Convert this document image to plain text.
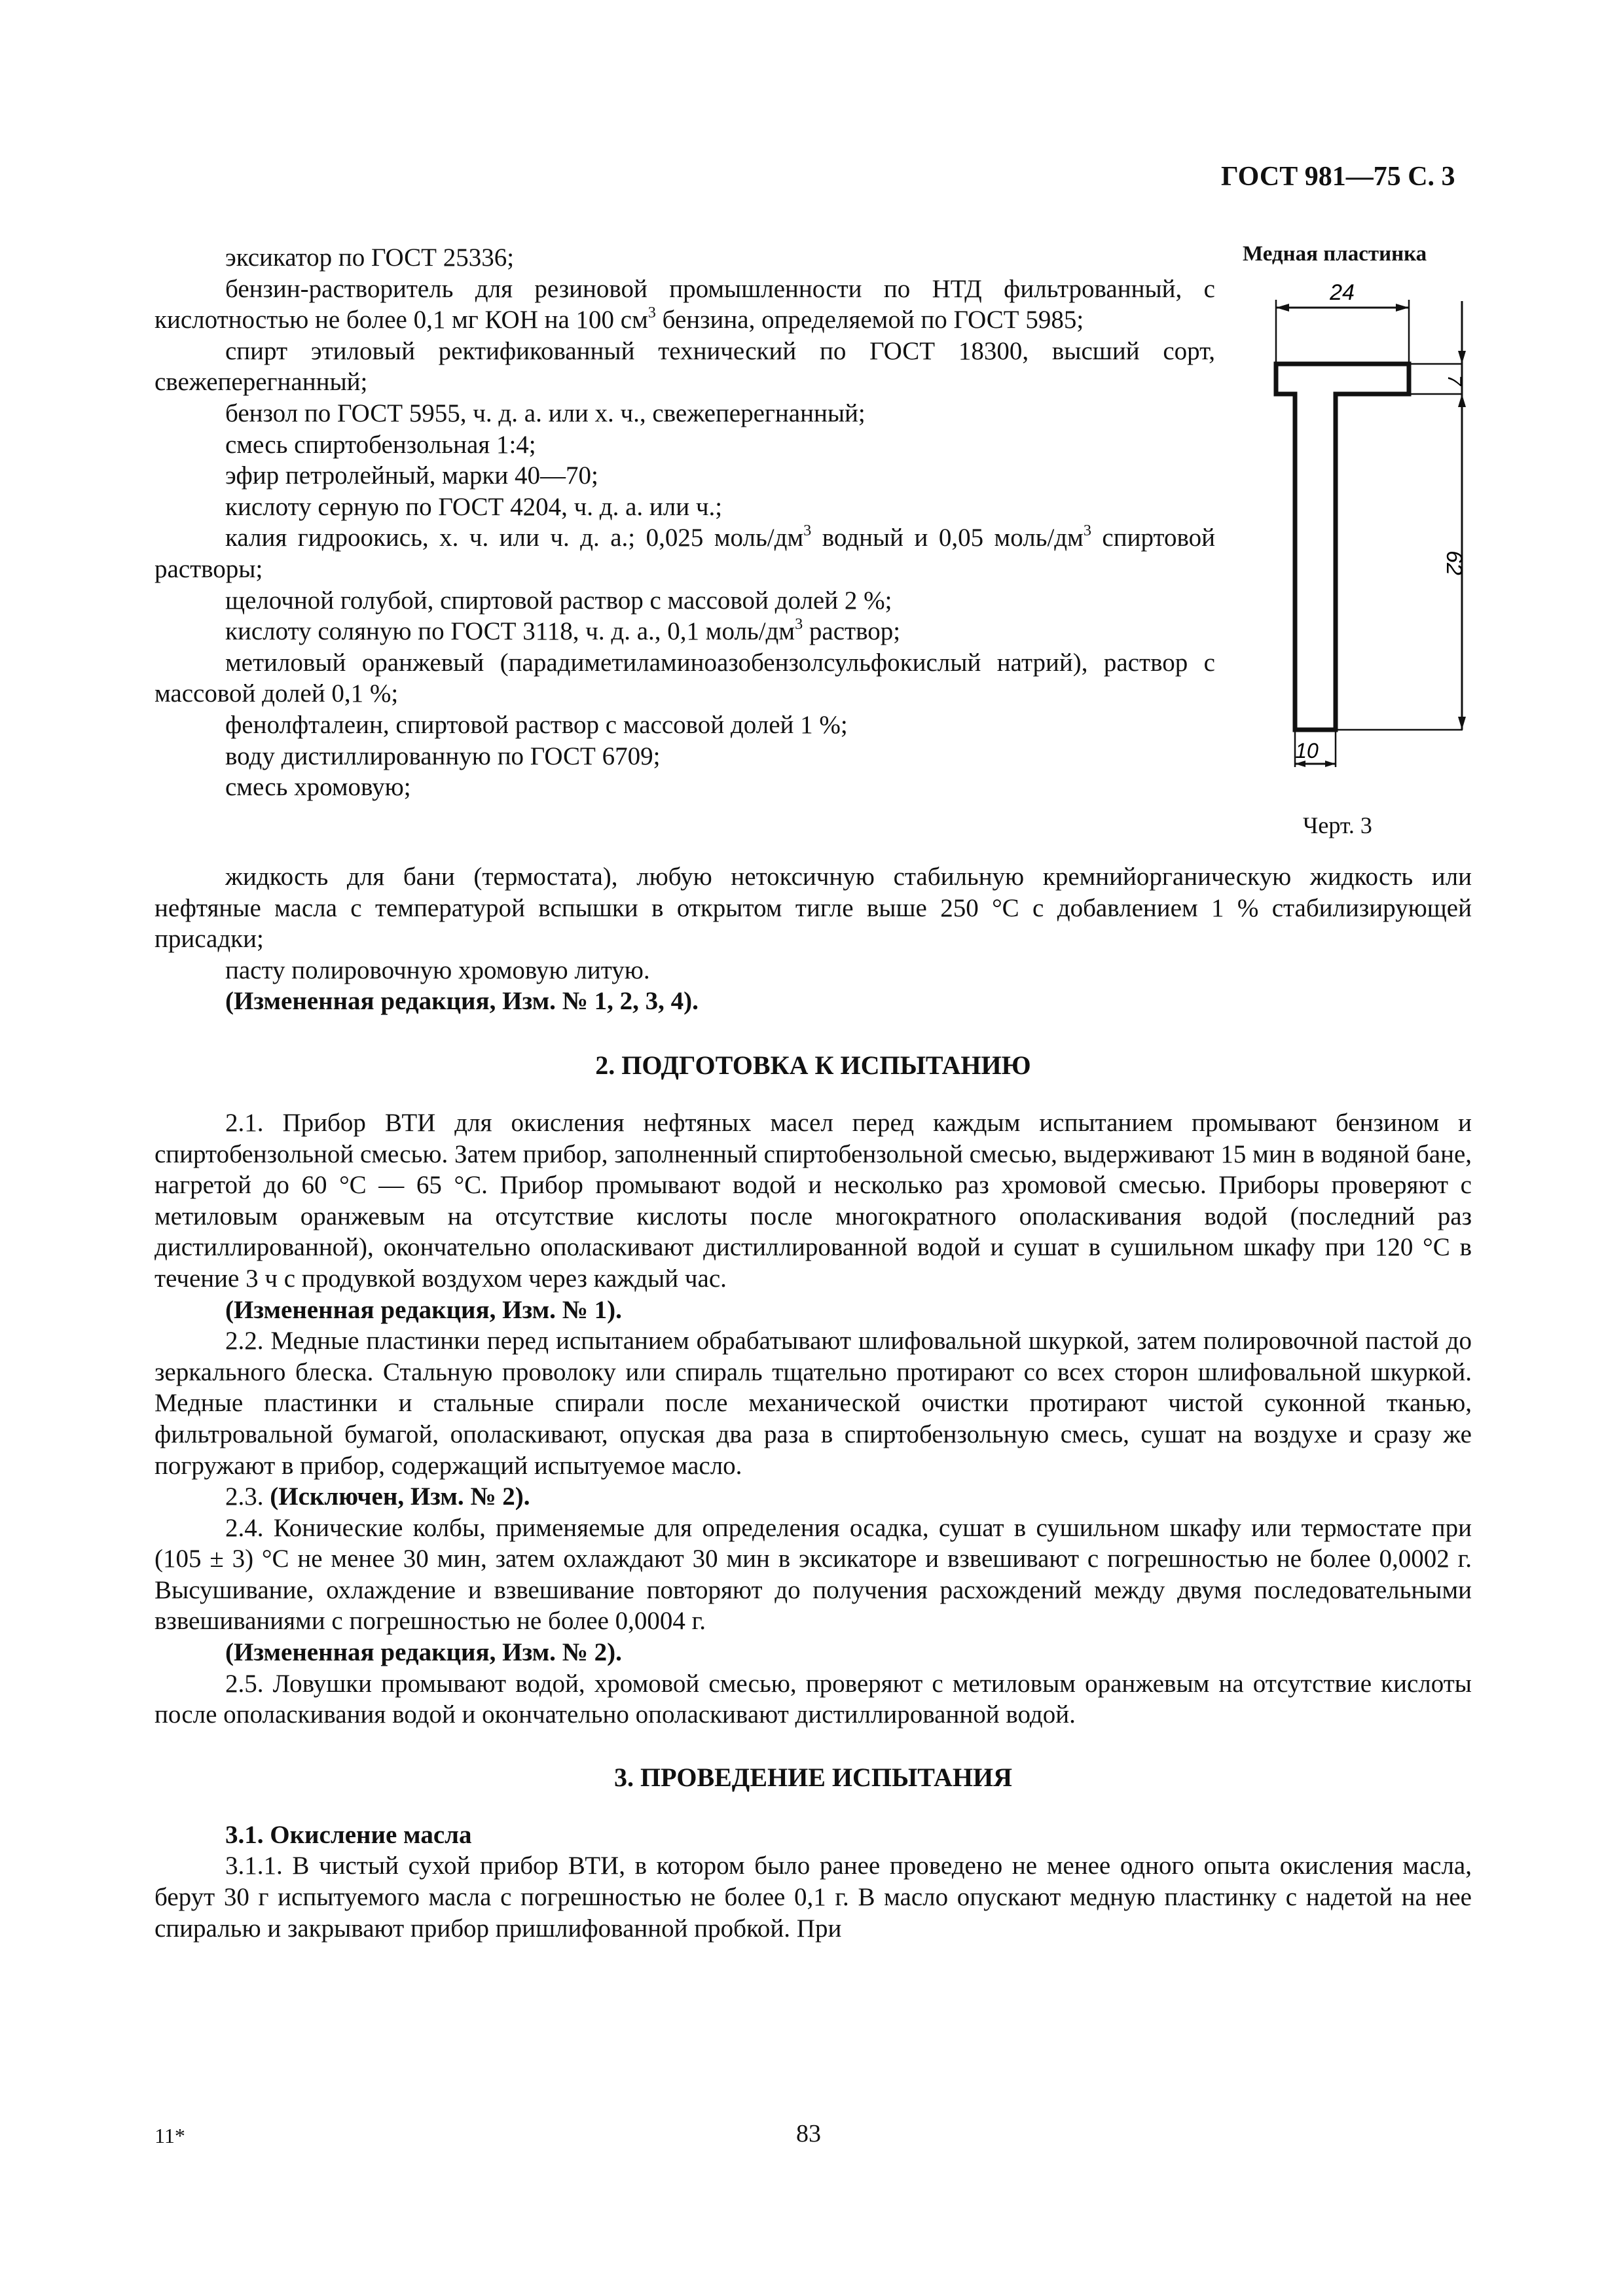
ГОСТ 981—75 С. 3
Медная пластинка
24
7
62
10
Черт. 3

эксикатор по ГОСТ 25336;

бензин-растворитель для резиновой промышленности по НТД фильтрованный, с кислотностью не более 0,1 мг КОН на 100 $см^3$ бензина, определяемой по ГОСТ 5985;

спирт этиловый ректификованный технический по ГОСТ 18300, высший сорт, свежеперегнанный;

бензол по ГОСТ 5955, ч. д. а. или х. ч., свежеперегнанный;

смесь спиртобензольная 1:4;

эфир петролейный, марки 40—70;

кислоту серную по ГОСТ 4204, ч. д. а. или ч.;

калия гидроокись, х. ч. или ч. д. а.; 0,025 моль/$дм^3$ водный и 0,05 моль/$дм^3$ спиртовой растворы;

щелочной голубой, спиртовой раствор с массовой долей 2 %;

кислоту соляную по ГОСТ 3118, ч. д. а., 0,1 моль/$дм^3$ раствор;

метиловый оранжевый (парадиметиламиноазобензолсульфокислый натрий), раствор с массовой долей 0,1 %;

фенолфталеин, спиртовой раствор с массовой долей 1 %;

воду дистиллированную по ГОСТ 6709;

смесь хромовую;

жидкость для бани (термостата), любую нетоксичную стабильную кремнийорганическую жидкость или нефтяные масла с температурой вспышки в открытом тигле выше 250 °С с добавлением 1 % стабилизирующей присадки;

пасту полировочную хромовую литую.

(Измененная редакция, Изм. № 1, 2, 3, 4).

2. ПОДГОТОВКА К ИСПЫТАНИЮ

2.1. Прибор ВТИ для окисления нефтяных масел перед каждым испытанием промывают бензином и спиртобензольной смесью. Затем прибор, заполненный спиртобензольной смесью, выдерживают 15 мин в водяной бане, нагретой до 60 °С — 65 °С. Прибор промывают водой и несколько раз хромовой смесью. Приборы проверяют с метиловым оранжевым на отсутствие кислоты после многократного ополаскивания водой (последний раз дистиллированной), окончательно ополаскивают дистиллированной водой и сушат в сушильном шкафу при 120 °С в течение 3 ч с продувкой воздухом через каждый час.

(Измененная редакция, Изм. № 1).

2.2. Медные пластинки перед испытанием обрабатывают шлифовальной шкуркой, затем полировочной пастой до зеркального блеска. Стальную проволоку или спираль тщательно протирают со всех сторон шлифовальной шкуркой. Медные пластинки и стальные спирали после механической очистки протирают чистой суконной тканью, фильтровальной бумагой, ополаскивают, опуская два раза в спиртобензольную смесь, сушат на воздухе и сразу же погружают в прибор, содержащий испытуемое масло.

2.3. (Исключен, Изм. № 2).

2.4. Конические колбы, применяемые для определения осадка, сушат в сушильном шкафу или термостате при (105 ± 3) °С не менее 30 мин, затем охлаждают 30 мин в эксикаторе и взвешивают с погрешностью не более 0,0002 г. Высушивание, охлаждение и взвешивание повторяют до получения расхождений между двумя последовательными взвешиваниями с погрешностью не более 0,0004 г.

(Измененная редакция, Изм. № 2).

2.5. Ловушки промывают водой, хромовой смесью, проверяют с метиловым оранжевым на отсутствие кислоты после ополаскивания водой и окончательно ополаскивают дистиллированной водой.

3. ПРОВЕДЕНИЕ ИСПЫТАНИЯ

3.1. Окисление масла

3.1.1. В чистый сухой прибор ВТИ, в котором было ранее проведено не менее одного опыта окисления масла, берут 30 г испытуемого масла с погрешностью не более 0,1 г. В масло опускают медную пластинку с надетой на нее спиралью и закрывают прибор пришлифованной пробкой. При

11*	83
